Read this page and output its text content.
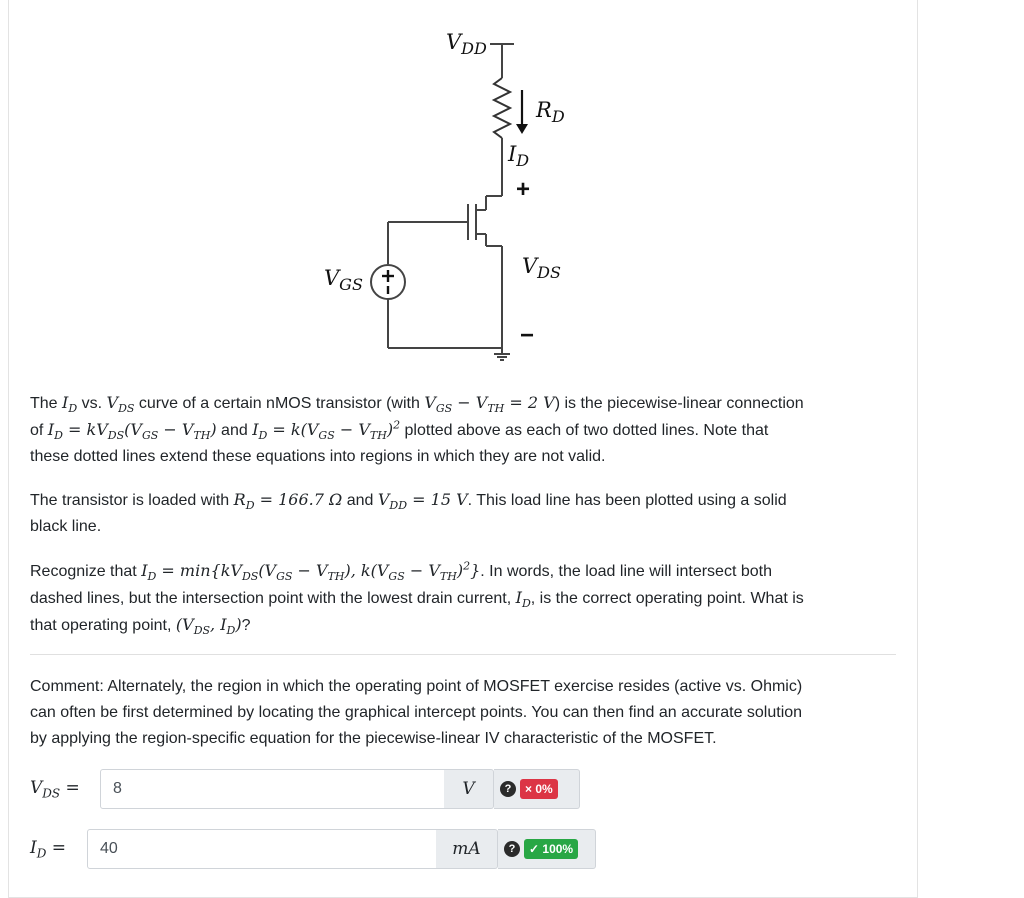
$V_{DD}$
$R_D$
$I_D$
+
$V_{DS}$
−
$V_{GS}$

The $I_D$ vs. $V_{DS}$ curve of a certain nMOS transistor (with $V_{GS} - V_{TH} = 2$ V) is the piecewise-linear connection
of $I_D = kV_{DS}(V_{GS} - V_{TH})$ and $I_D = k(V_{GS} - V_{TH})^2$ plotted above as each of two dotted lines. Note that
these dotted lines extend these equations into regions in which they are not valid.

The transistor is loaded with $R_D = 166.7$ Ω and $V_{DD} = 15$ V. This load line has been plotted using a solid
black line.

Recognize that $I_D = \min\{kV_{DS}(V_{GS} - V_{TH})$, $k(V_{GS} - V_{TH})^2$}. In words, the load line will intersect both
dashed lines, but the intersection point with the lowest drain current, $I_D$, is the correct operating point. What is
that operating point, ($V_{DS}$, $I_D$)?

Comment: Alternately, the region in which the operating point of MOSFET exercise resides (active vs. Ohmic)
can often be first determined by locating the graphical intercept points. You can then find an accurate solution
by applying the region-specific equation for the piecewise-linear IV characteristic of the MOSFET.

$V_{DS}$ =
8	V	?	× 0%
$I_D$ =
40	mA	?	✓ 100%
